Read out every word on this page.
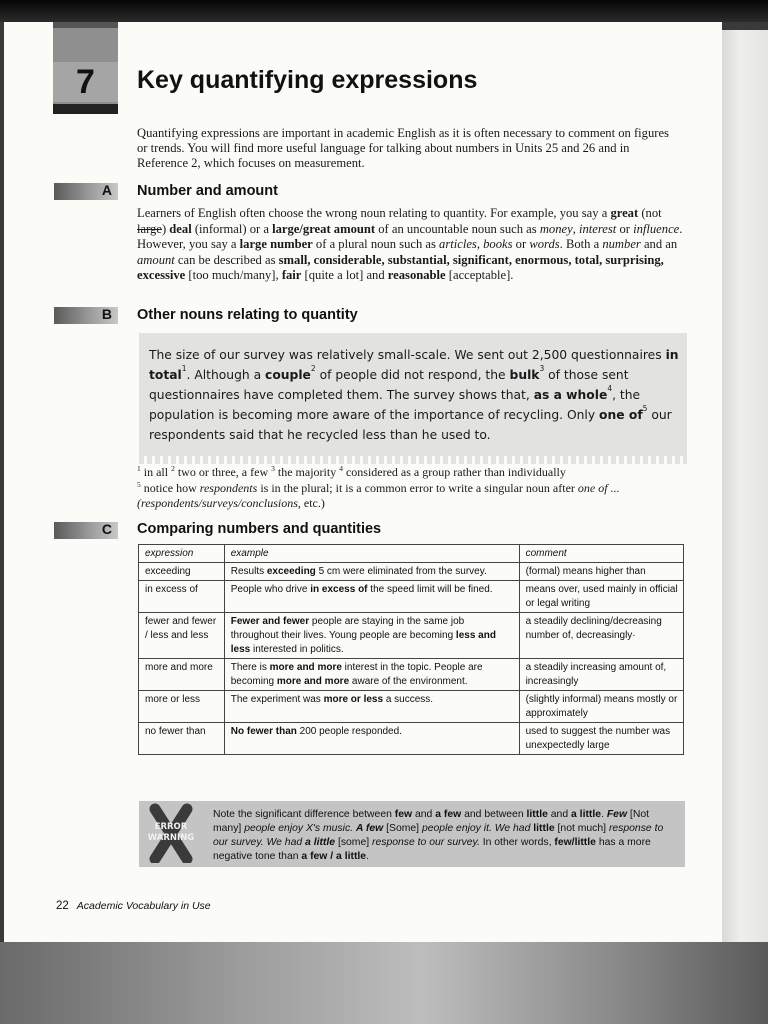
7	Key quantifying expressions
Quantifying expressions are important in academic English as it is often necessary to comment on figures or trends. You will find more useful language for talking about numbers in Units 25 and 26 and in Reference 2, which focuses on measurement.
A Number and amount
Learners of English often choose the wrong noun relating to quantity. For example, you say a great (not large) deal (informal) or a large/great amount of an uncountable noun such as money, interest or influence. However, you say a large number of a plural noun such as articles, books or words. Both a number and an amount can be described as small, considerable, substantial, significant, enormous, total, surprising, excessive [too much/many], fair [quite a lot] and reasonable [acceptable].
B Other nouns relating to quantity
The size of our survey was relatively small-scale. We sent out 2,500 questionnaires in total$^1$. Although a couple$^2$ of people did not respond, the bulk$^3$ of those sent questionnaires have completed them. The survey shows that, as a whole$^4$, the population is becoming more aware of the importance of recycling. Only one $of^5$ our respondents said that he recycled less than he used to.
$^1$ in all $^2$ two or three, a few $^3$ the majority $^4$ considered as a group rather than individually
$^5$ notice how respondents is in the plural; it is a common error to write a singular noun after one of ... (respondents/surveys/conclusions, etc.)
C Comparing numbers and quantities
expression	example	comment
exceeding	Results exceeding 5 cm were eliminated from the survey.	(formal) means higher than
in excess of	People who drive in excess of the speed limit will be fined.	means over, used mainly in official or legal writing
fewer and fewer / less and less	Fewer and fewer people are staying in the same job throughout their lives. Young people are becoming less and less interested in politics.	a steadily declining/decreasing number of, decreasingly·
more and more	There is more and more interest in the topic. People are becoming more and more aware of the environment.	a steadily increasing amount of, increasingly
more or less	The experiment was more or less a success.	(slightly informal) means mostly or approximately
no fewer than	No fewer than 200 people responded.	used to suggest the number was unexpectedly large
ERROR
WARNING
Note the significant difference between few and a few and between little and a little. Few [Not many] people enjoy X's music. A few [Some] people enjoy it. We had little [not much] response to our survey. We had a little [some] response to our survey. In other words, few/little has a more negative tone than a few / a little.
22 Academic Vocabulary in Use
